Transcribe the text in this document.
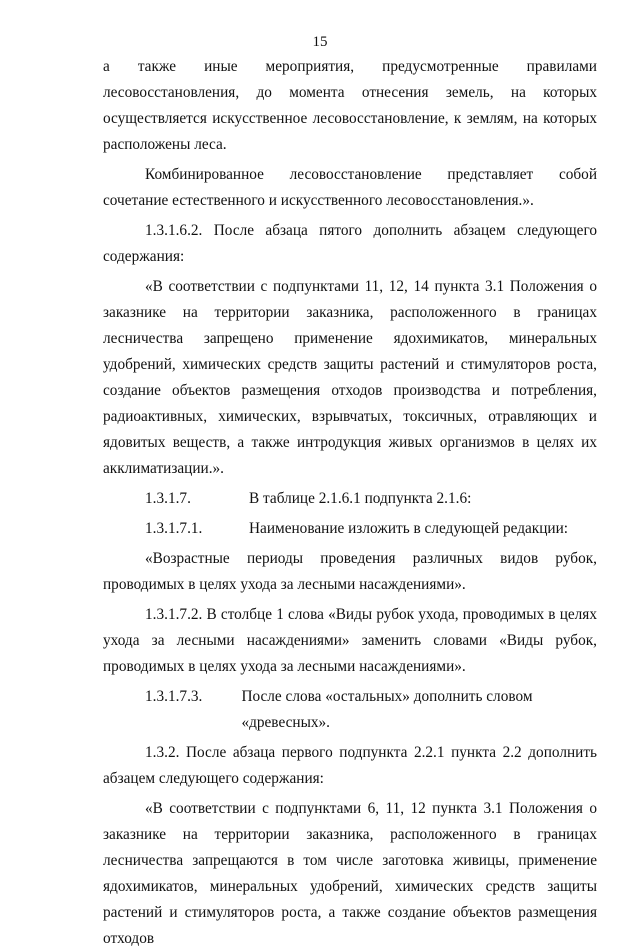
15

а также иные мероприятия, предусмотренные правилами лесовосстановления, до момента отнесения земель, на которых осуществляется искусственное лесовосстановление, к землям, на которых расположены леса.

Комбинированное лесовосстановление представляет собой сочетание естественного и искусственного лесовосстановления.».

1.3.1.6.2. После абзаца пятого дополнить абзацем следующего содержания:

«В соответствии с подпунктами 11, 12, 14 пункта 3.1 Положения о заказнике на территории заказника, расположенного в границах лесничества запрещено применение ядохимикатов, минеральных удобрений, химических средств защиты растений и стимуляторов роста, создание объектов размещения отходов производства и потребления, радиоактивных, химических, взрывчатых, токсичных, отравляющих и ядовитых веществ, а также интродукция живых организмов в целях их акклиматизации.».

1.3.1.7.	В таблице 2.1.6.1 подпункта 2.1.6:
1.3.1.7.1.	Наименование изложить в следующей редакции:

«Возрастные периоды проведения различных видов рубок, проводимых в целях ухода за лесными насаждениями».

1.3.1.7.2. В столбце 1 слова «Виды рубок ухода, проводимых в целях ухода за лесными насаждениями» заменить словами «Виды рубок, проводимых в целях ухода за лесными насаждениями».

1.3.1.7.3.	После слова «остальных» дополнить словом «древесных».

1.3.2. После абзаца первого подпункта 2.2.1 пункта 2.2 дополнить абзацем следующего содержания:

«В соответствии с подпунктами 6, 11, 12 пункта 3.1 Положения о заказнике на территории заказника, расположенного в границах лесничества запрещаются в том числе заготовка живицы, применение ядохимикатов, минеральных удобрений, химических средств защиты растений и стимуляторов роста, а также создание объектов размещения отходов
